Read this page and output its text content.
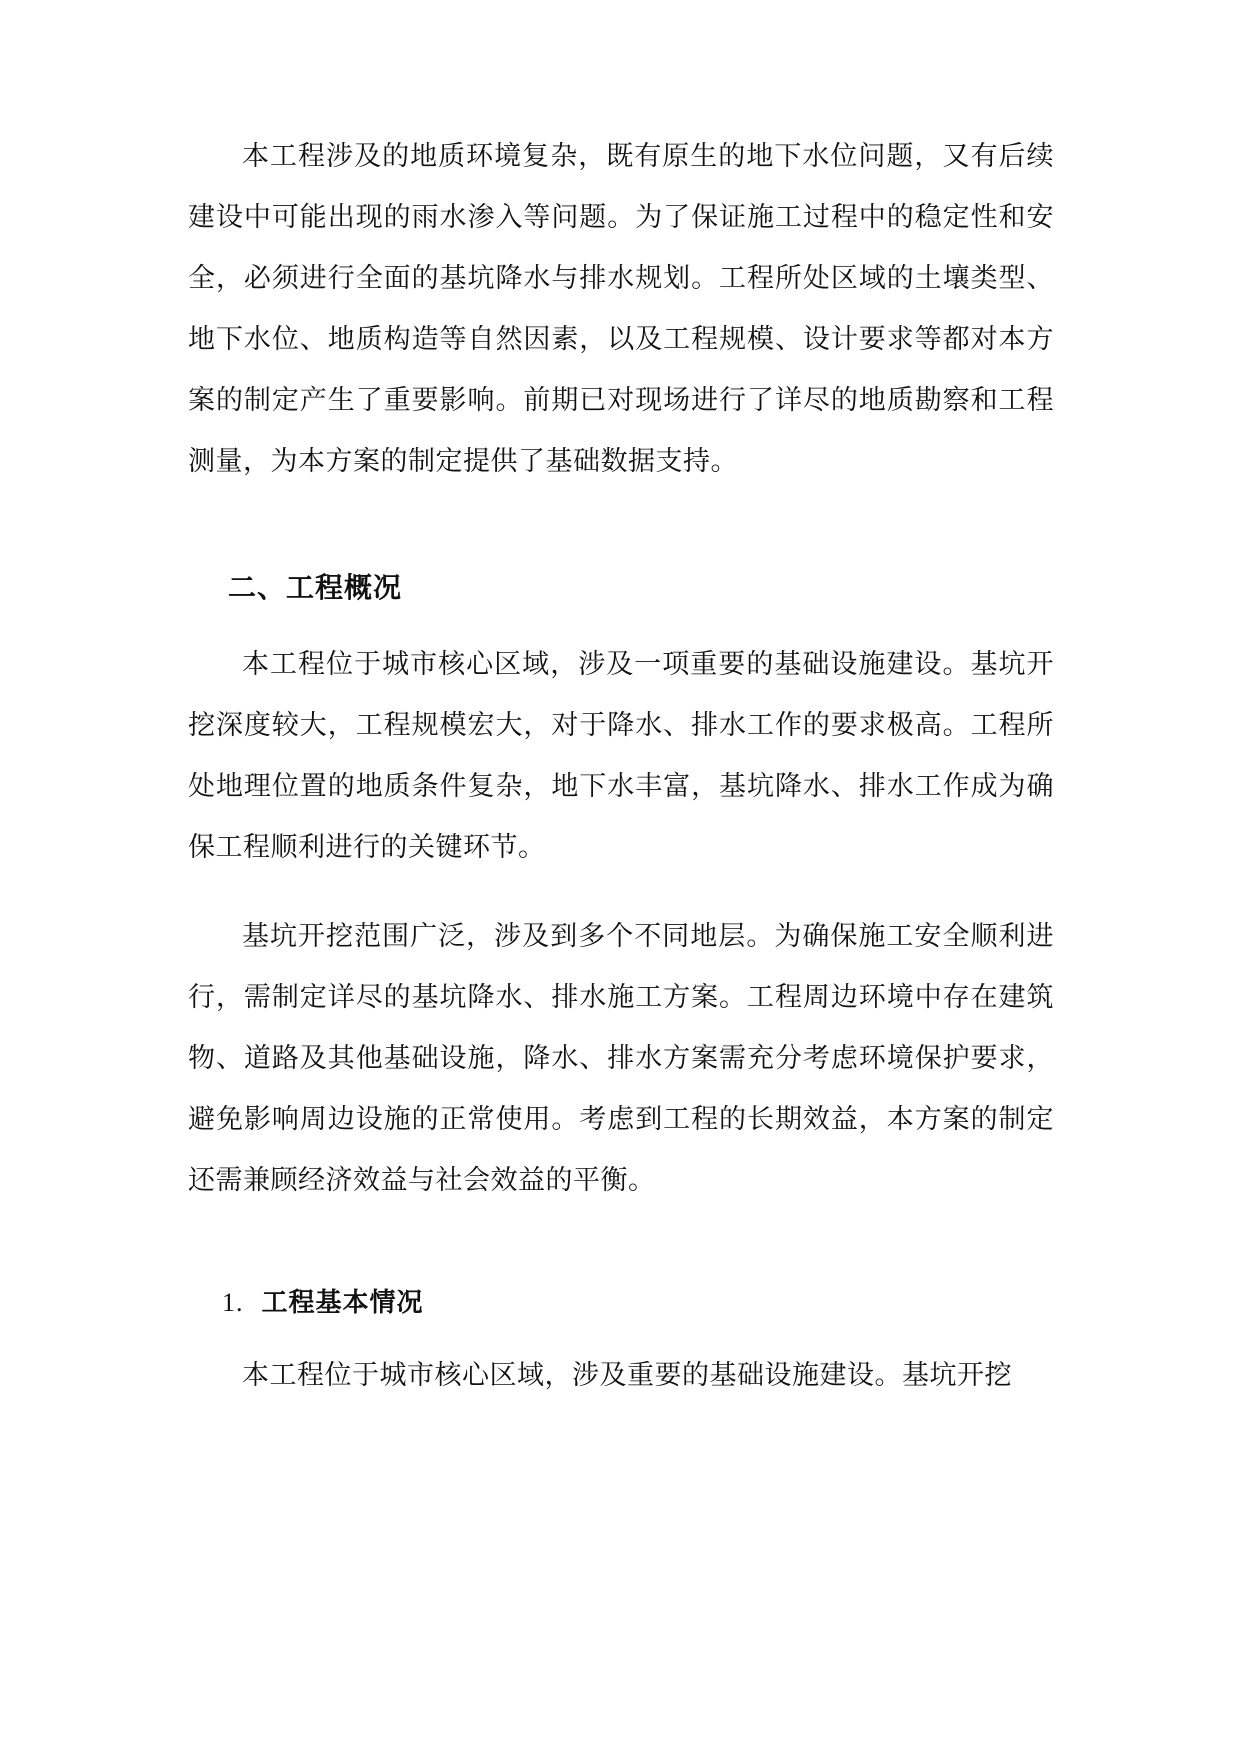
本工程涉及的地质环境复杂，既有原生的地下水位问题，又有后续建设中可能出现的雨水渗入等问题。为了保证施工过程中的稳定性和安全，必须进行全面的基坑降水与排水规划。工程所处区域的土壤类型、地下水位、地质构造等自然因素，以及工程规模、设计要求等都对本方案的制定产生了重要影响。前期已对现场进行了详尽的地质勘察和工程测量，为本方案的制定提供了基础数据支持。

二、工程概况

本工程位于城市核心区域，涉及一项重要的基础设施建设。基坑开挖深度较大，工程规模宏大，对于降水、排水工作的要求极高。工程所处地理位置的地质条件复杂，地下水丰富，基坑降水、排水工作成为确保工程顺利进行的关键环节。

基坑开挖范围广泛，涉及到多个不同地层。为确保施工安全顺利进行，需制定详尽的基坑降水、排水施工方案。工程周边环境中存在建筑物、道路及其他基础设施，降水、排水方案需充分考虑环境保护要求，避免影响周边设施的正常使用。考虑到工程的长期效益，本方案的制定还需兼顾经济效益与社会效益的平衡。

1. 工程基本情况

本工程位于城市核心区域，涉及重要的基础设施建设。基坑开挖
